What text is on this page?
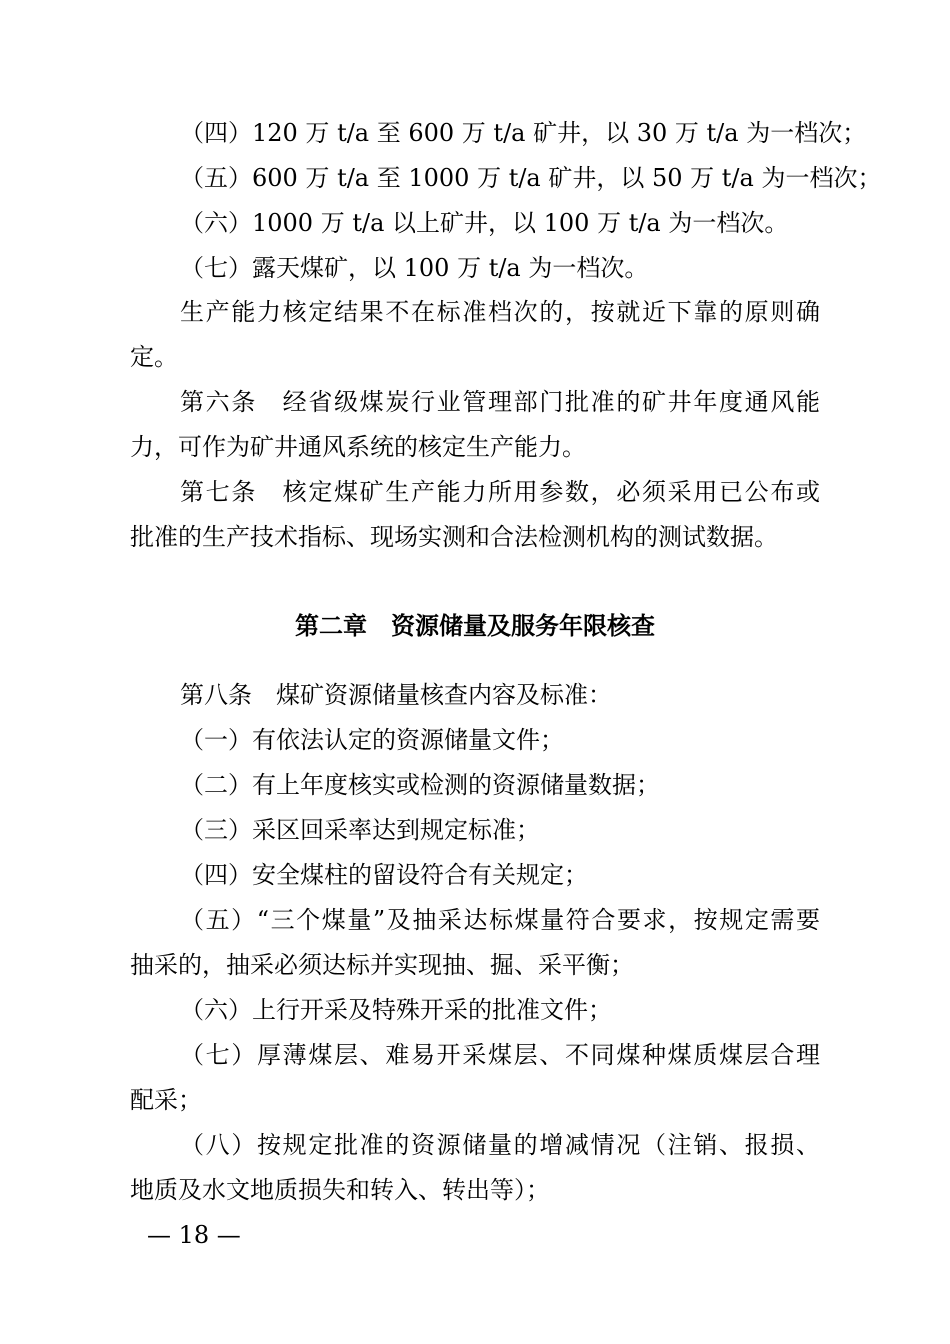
（四）120 万 t/a 至 600 万 t/a 矿井，以 30 万 t/a 为一档次；
（五）600 万 t/a 至 1000 万 t/a 矿井，以 50 万 t/a 为一档次；
（六）1000 万 t/a 以上矿井，以 100 万 t/a 为一档次。
（七）露天煤矿，以 100 万 t/a 为一档次。
生产能力核定结果不在标准档次的，按就近下靠的原则确
定。
第六条　经省级煤炭行业管理部门批准的矿井年度通风能
力，可作为矿井通风系统的核定生产能力。
第七条　核定煤矿生产能力所用参数，必须采用已公布或
批准的生产技术指标、现场实测和合法检测机构的测试数据。
第二章　资源储量及服务年限核查
第八条　煤矿资源储量核查内容及标准：
（一）有依法认定的资源储量文件；
（二）有上年度核实或检测的资源储量数据；
（三）采区回采率达到规定标准；
（四）安全煤柱的留设符合有关规定；
（五）“三个煤量”及抽采达标煤量符合要求，按规定需要
抽采的，抽采必须达标并实现抽、掘、采平衡；
（六）上行开采及特殊开采的批准文件；
（七）厚薄煤层、难易开采煤层、不同煤种煤质煤层合理
配采；
（八）按规定批准的资源储量的增减情况（注销、报损、
地质及水文地质损失和转入、转出等）；
— 18 —
